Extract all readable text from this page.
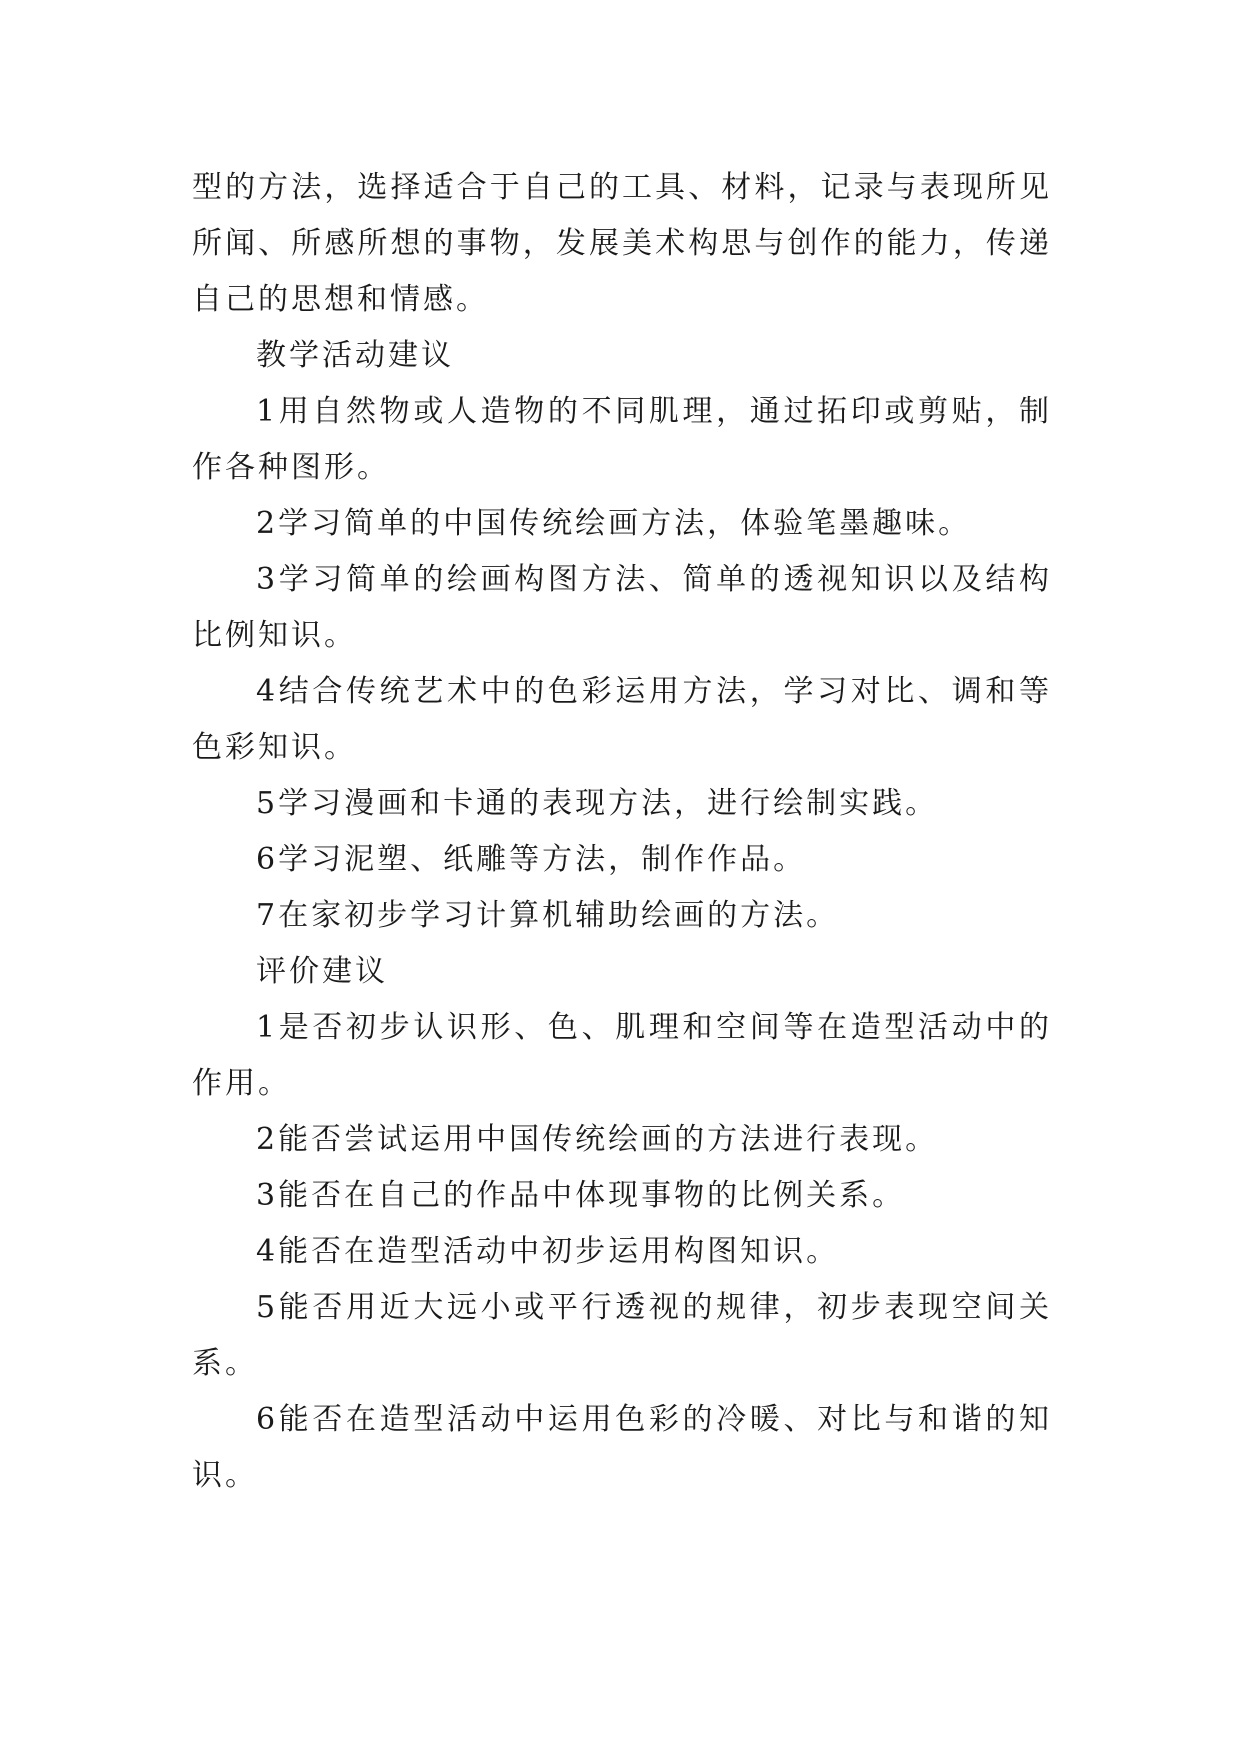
型的方法，选择适合于自己的工具、材料，记录与表现所见所闻、所感所想的事物，发展美术构思与创作的能力，传递自己的思想和情感。

教学活动建议

1用自然物或人造物的不同肌理，通过拓印或剪贴，制作各种图形。

2学习简单的中国传统绘画方法，体验笔墨趣味。

3学习简单的绘画构图方法、简单的透视知识以及结构比例知识。

4结合传统艺术中的色彩运用方法，学习对比、调和等色彩知识。

5学习漫画和卡通的表现方法，进行绘制实践。

6学习泥塑、纸雕等方法，制作作品。

7在家初步学习计算机辅助绘画的方法。

评价建议

1是否初步认识形、色、肌理和空间等在造型活动中的作用。

2能否尝试运用中国传统绘画的方法进行表现。

3能否在自己的作品中体现事物的比例关系。

4能否在造型活动中初步运用构图知识。

5能否用近大远小或平行透视的规律，初步表现空间关系。

6能否在造型活动中运用色彩的冷暖、对比与和谐的知识。
